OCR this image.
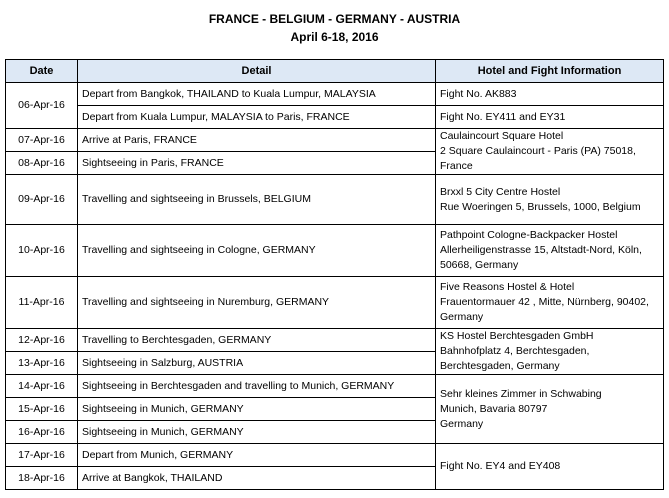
FRANCE - BELGIUM - GERMANY - AUSTRIA
April 6-18, 2016
Date	Detail	Hotel and Fight Information
06-Apr-16	Depart from Bangkok, THAILAND to Kuala Lumpur, MALAYSIA	Fight No. AK883
	Depart from Kuala Lumpur, MALAYSIA to Paris, FRANCE	Fight No. EY411 and EY31
07-Apr-16	Arrive at Paris, FRANCE	Caulaincourt Square Hotel
2 Square Caulaincourt - Paris (PA) 75018,
France

08-Apr-16	Sightseeing in Paris, FRANCE	
09-Apr-16	Travelling and sightseeing in Brussels, BELGIUM	Brxxl 5 City Centre Hostel
Rue Woeringen 5, Brussels, 1000, Belgium

10-Apr-16	Travelling and sightseeing in Cologne, GERMANY	Pathpoint Cologne-Backpacker Hostel
Allerheiligenstrasse 15, Altstadt-Nord, Köln,
50668, Germany

11-Apr-16	Travelling and sightseeing in Nuremburg, GERMANY	Five Reasons Hostel & Hotel
Frauentormauer 42 , Mitte, Nürnberg, 90402,
Germany

12-Apr-16	Travelling to Berchtesgaden, GERMANY	KS Hostel Berchtesgaden GmbH
Bahnhofplatz 4, Berchtesgaden,
Berchtesgaden, Germany

13-Apr-16	Sightseeing in Salzburg, AUSTRIA	
14-Apr-16	Sightseeing in Berchtesgaden and travelling to Munich, GERMANY	Sehr kleines Zimmer in Schwabing
Munich, Bavaria 80797
Germany

15-Apr-16	Sightseeing in Munich, GERMANY	
16-Apr-16	Sightseeing in Munich, GERMANY	
17-Apr-16	Depart from Munich, GERMANY	Fight No. EY4 and EY408
18-Apr-16	Arrive at Bangkok, THAILAND	
